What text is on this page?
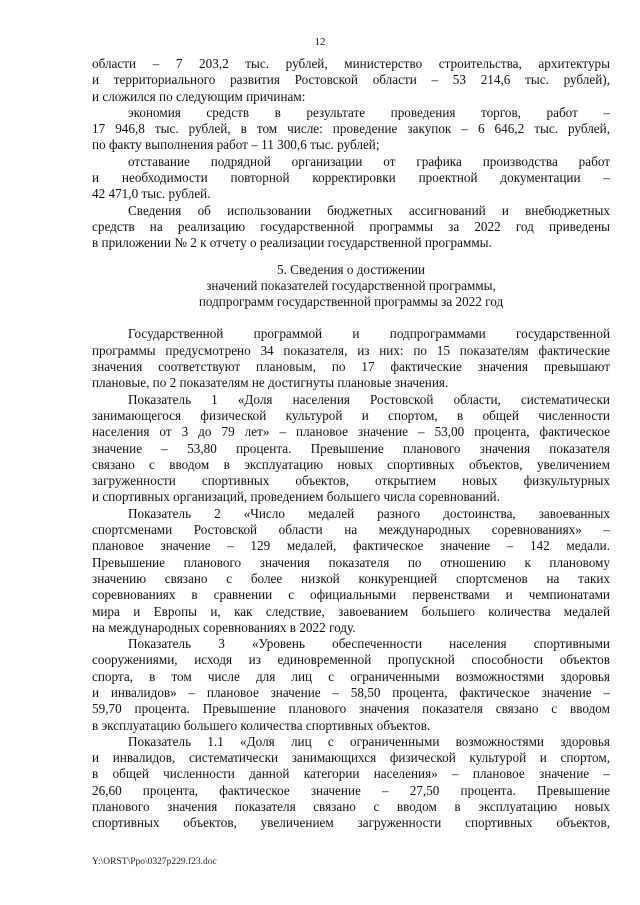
12

области – 7 203,2 тыс. рублей, министерство строительства, архитектуры

и территориального развития Ростовской области – 53 214,6 тыс. рублей),

и сложился по следующим причинам:

экономия средств в результате проведения торгов, работ –

17 946,8 тыс. рублей, в том числе: проведение закупок – 6 646,2 тыс. рублей,

по факту выполнения работ – 11 300,6 тыс. рублей;

отставание подрядной организации от графика производства работ

и необходимости повторной корректировки проектной документации –

42 471,0 тыс. рублей.

Сведения об использовании бюджетных ассигнований и внебюджетных

средств на реализацию государственной программы за 2022 год приведены

в приложении № 2 к отчету о реализации государственной программы.

5. Сведения о достижении
значений показателей государственной программы,
подпрограмм государственной программы за 2022 год

Государственной программой и подпрограммами государственной

программы предусмотрено 34 показателя, из них: по 15 показателям фактические

значения соответствуют плановым, по 17 фактические значения превышают

плановые, по 2 показателям не достигнуты плановые значения.

Показатель 1 «Доля населения Ростовской области, систематически

занимающегося физической культурой и спортом, в общей численности

населения от 3 до 79 лет» – плановое значение – 53,00 процента, фактическое

значение – 53,80 процента. Превышение планового значения показателя

связано с вводом в эксплуатацию новых спортивных объектов, увеличением

загруженности спортивных объектов, открытием новых физкультурных

и спортивных организаций, проведением большего числа соревнований.

Показатель 2 «Число медалей разного достоинства, завоеванных

спортсменами Ростовской области на международных соревнованиях» –

плановое значение – 129 медалей, фактическое значение – 142 медали.

Превышение планового значения показателя по отношению к плановому

значению связано с более низкой конкуренцией спортсменов на таких

соревнованиях в сравнении с официальными первенствами и чемпионатами

мира и Европы и, как следствие, завоеванием большего количества медалей

на международных соревнованиях в 2022 году.

Показатель 3 «Уровень обеспеченности населения спортивными

сооружениями, исходя из единовременной пропускной способности объектов

спорта, в том числе для лиц с ограниченными возможностями здоровья

и инвалидов» – плановое значение – 58,50 процента, фактическое значение –

59,70 процента. Превышение планового значения показателя связано с вводом

в эксплуатацию большего количества спортивных объектов.

Показатель 1.1 «Доля лиц с ограниченными возможностями здоровья

и инвалидов, систематически занимающихся физической культурой и спортом,

в общей численности данной категории населения» – плановое значение –

26,60 процента, фактическое значение – 27,50 процента. Превышение

планового значения показателя связано с вводом в эксплуатацию новых

спортивных объектов, увеличением загруженности спортивных объектов,

Y:\ORST\Ppo\0327p229.f23.doc
